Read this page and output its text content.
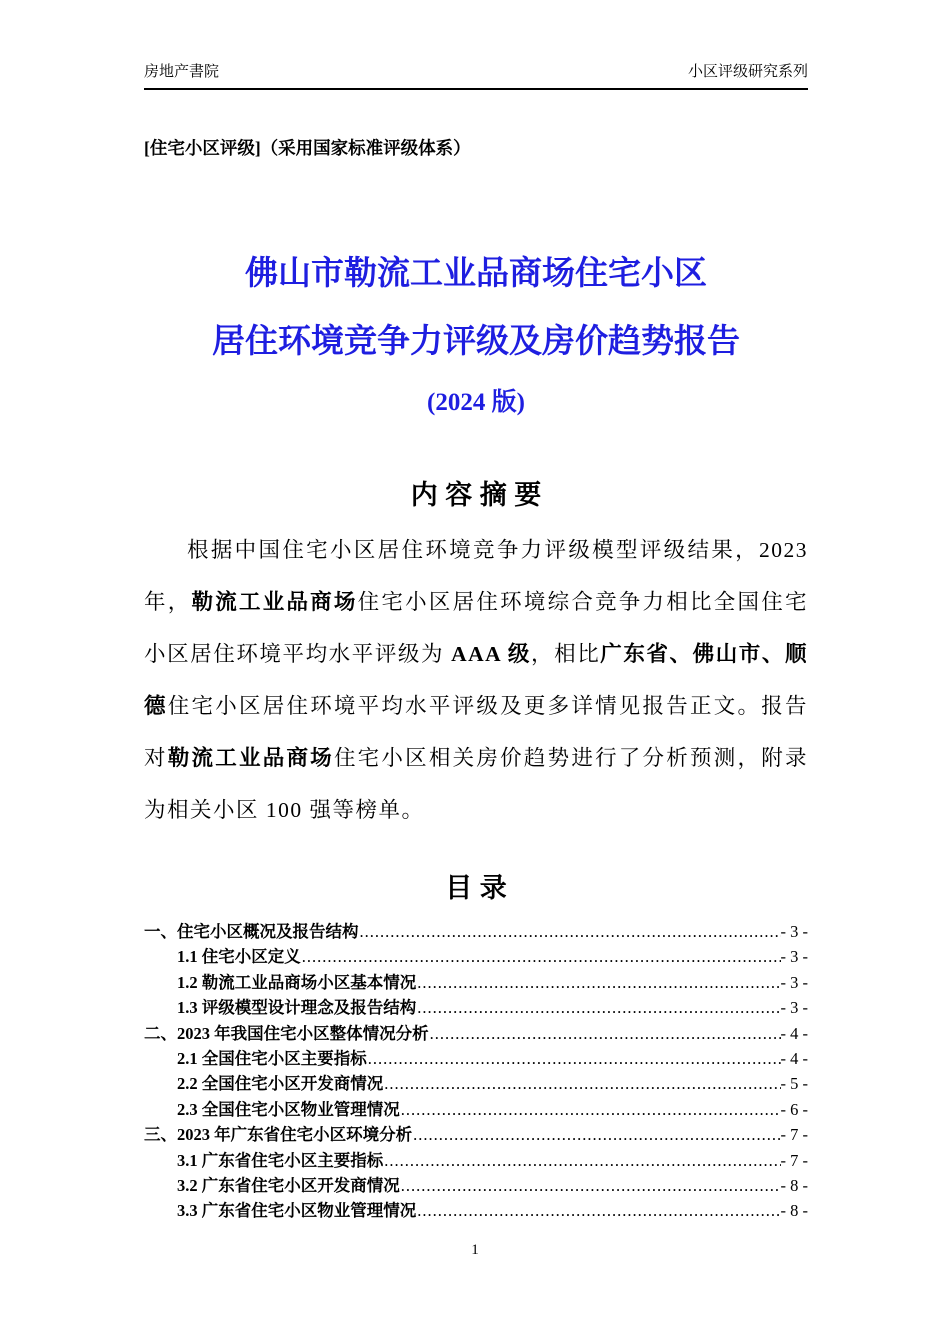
房地产書院	小区评级研究系列
[住宅小区评级]（采用国家标准评级体系）
佛山市勒流工业品商场住宅小区
居住环境竞争力评级及房价趋势报告
(2024 版)
内 容 摘 要

根据中国住宅小区居住环境竞争力评级模型评级结果，2023 年，勒流工业品商场住宅小区居住环境综合竞争力相比全国住宅小区居住环境平均水平评级为 AAA 级，相比广东省、佛山市、顺德住宅小区居住环境平均水平评级及更多详情见报告正文。报告对勒流工业品商场住宅小区相关房价趋势进行了分析预测，附录为相关小区 100 强等榜单。

目 录
一、住宅小区概况及报告结构 .....	- 3 -
1.1 住宅小区定义 .....	- 3 -
1.2 勒流工业品商场小区基本情况 .....	- 3 -
1.3 评级模型设计理念及报告结构 .....	- 3 -
二、2023 年我国住宅小区整体情况分析 .....	- 4 -
2.1 全国住宅小区主要指标 .....	- 4 -
2.2 全国住宅小区开发商情况 .....	- 5 -
2.3 全国住宅小区物业管理情况 .....	- 6 -
三、2023 年广东省住宅小区环境分析 .....	- 7 -
3.1 广东省住宅小区主要指标 .....	- 7 -
3.2 广东省住宅小区开发商情况 .....	- 8 -
3.3 广东省住宅小区物业管理情况 .....	- 8 -
1
